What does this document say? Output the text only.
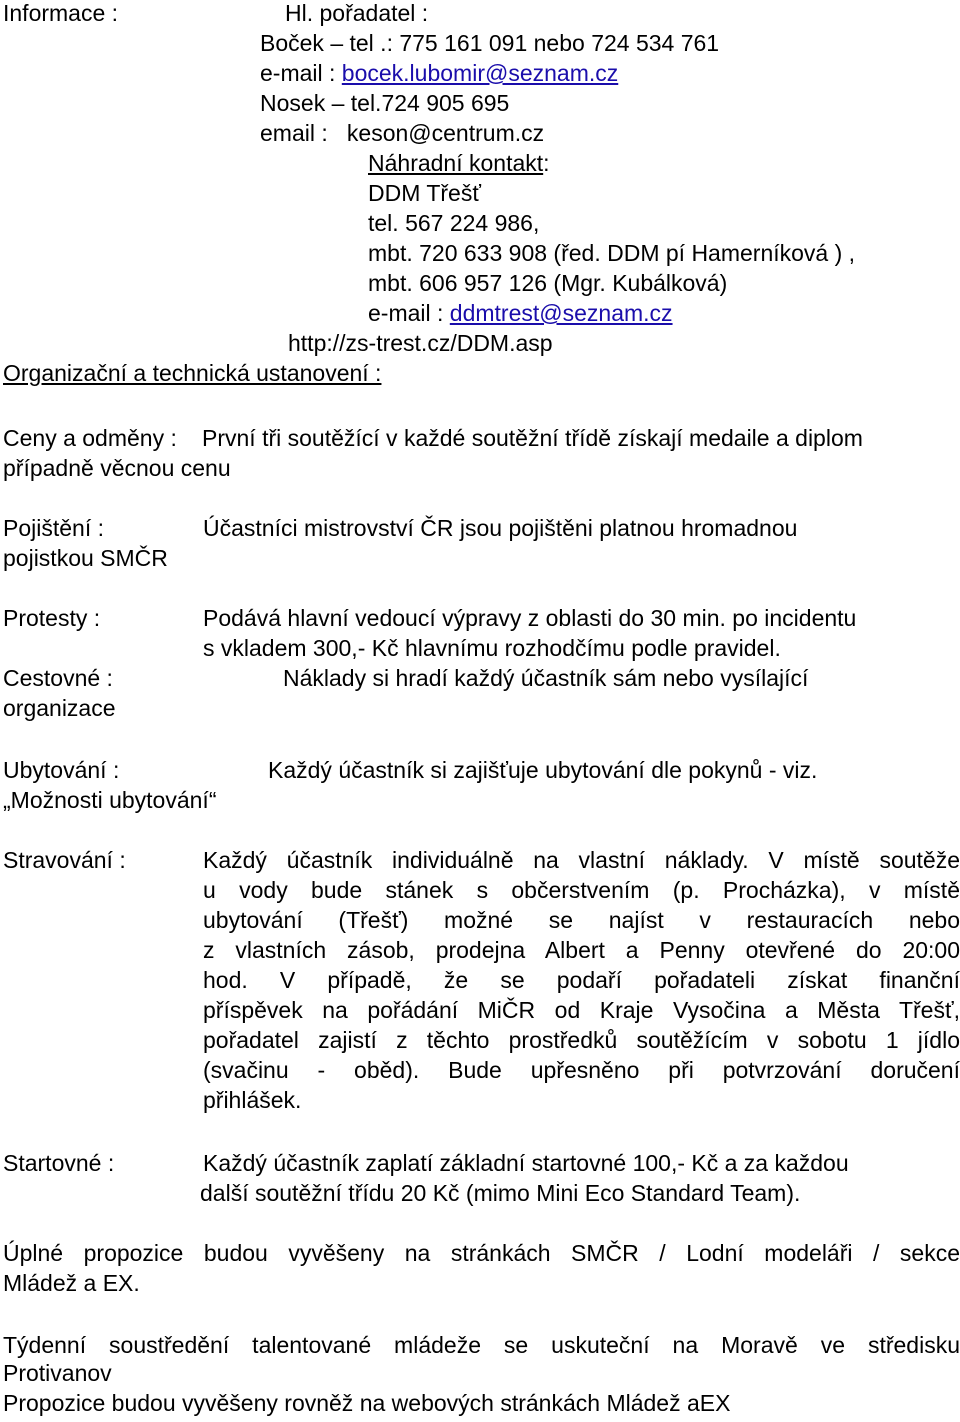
Informace :	Hl. pořadatel :
Boček – tel .: 775 161 091 nebo 724 534 761
e-mail : bocek.lubomir@seznam.cz
Nosek – tel.724 905 695
email :   keson@centrum.cz
Náhradní kontakt:
DDM Třešť
tel. 567 224 986,
mbt. 720 633 908 (řed. DDM pí Hamerníková ) ,
mbt. 606 957 126 (Mgr. Kubálková)
e-mail : ddmtrest@seznam.cz
http://zs-trest.cz/DDM.asp
Organizační a technická ustanovení :
Ceny a odměny : První tři soutěžící v každé soutěžní třídě získají medaile a diplom
případně věcnou cenu
Pojištění :	Účastníci mistrovství ČR jsou pojištěni platnou hromadnou
pojistkou SMČR
Protesty :	Podává hlavní vedoucí výpravy z oblasti do 30 min. po incidentu
s vkladem 300,- Kč hlavnímu rozhodčímu podle pravidel.
Cestovné :	Náklady si hradí každý účastník sám nebo vysílající
organizace
Ubytování :	Každý účastník si zajišťuje ubytování dle pokynů - viz.
„Možnosti ubytování“
Stravování :	Každý účastník individuálně na vlastní náklady. V místě soutěže
u vody bude stánek s občerstvením (p. Procházka), v místě
ubytování (Třešť) možné se najíst v restauracích nebo
z vlastních zásob, prodejna Albert a Penny otevřené do 20:00
hod. V případě, že se podaří pořadateli získat finanční
příspěvek na pořádání MiČR od Kraje Vysočina a Města Třešť,
pořadatel zajistí z těchto prostředků soutěžícím v sobotu 1 jídlo
(svačinu - oběd). Bude upřesněno při potvrzování doručení
přihlášek.
Startovné :	Každý účastník zaplatí základní startovné 100,- Kč a za každou
další soutěžní třídu 20 Kč (mimo Mini Eco Standard Team).
Úplné propozice budou vyvěšeny na stránkách SMČR / Lodní modeláři / sekce
Mládež a EX.
Týdenní soustředění talentované mládeže se uskuteční na Moravě ve středisku
Protivanov
Propozice budou vyvěšeny rovněž na webových stránkách Mládež aEX
